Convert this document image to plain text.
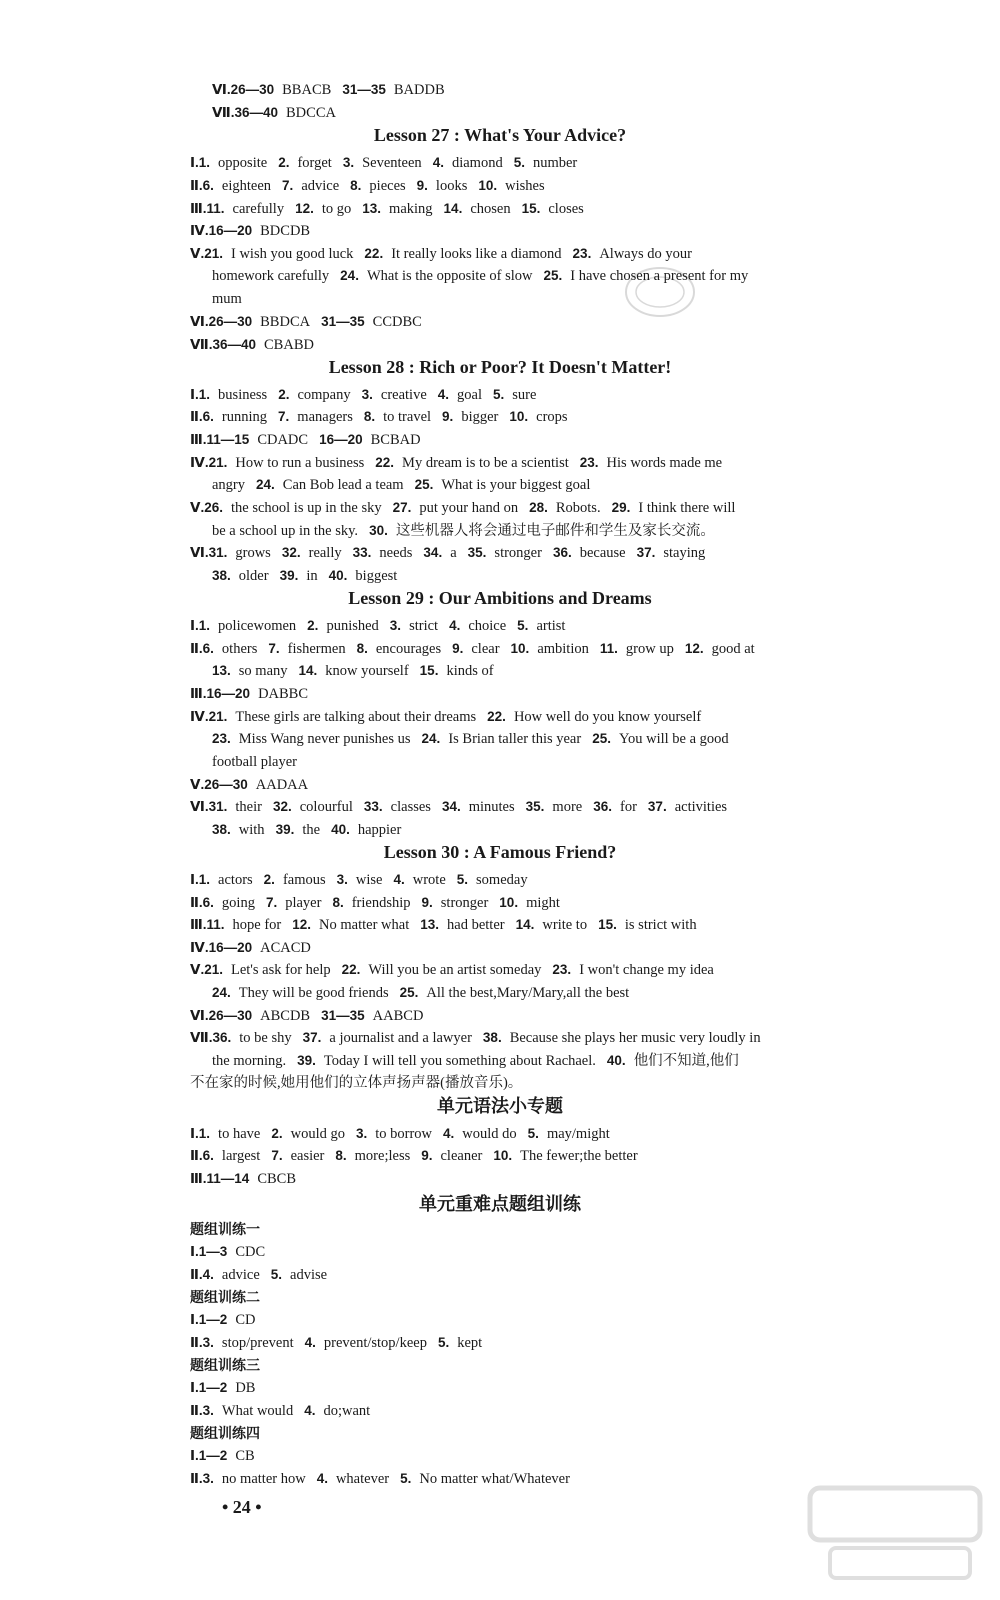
Ⅵ.26—30 BBACB 31—35 BADDB
Ⅶ.36—40 BDCCA
Ⅰ.1. opposite 2. forget 3. Seventeen 4. diamond 5. number
Ⅱ.6. eighteen 7. advice 8. pieces 9. looks 10. wishes
Ⅲ.11. carefully 12. to go 13. making 14. chosen 15. closes
Ⅳ.16—20 BDCDB
Ⅴ.21. I wish you good luck 22. It really looks like a diamond 23. Always do your
homework carefully 24. What is the opposite of slow 25. I have chosen a present for my
mum
Ⅵ.26—30 BBDCA 31—35 CCDBC
Ⅶ.36—40 CBABD
Ⅰ.1. business 2. company 3. creative 4. goal 5. sure
Ⅱ.6. running 7. managers 8. to travel 9. bigger 10. crops
Ⅲ.11—15 CDADC 16—20 BCBAD
Ⅳ.21. How to run a business 22. My dream is to be a scientist 23. His words made me
angry 24. Can Bob lead a team 25. What is your biggest goal
Ⅴ.26. the school is up in the sky 27. put your hand on 28. Robots. 29. I think there will
be a school up in the sky. 30. 这些机器人将会通过电子邮件和学生及家长交流。
Ⅵ.31. grows 32. really 33. needs 34. a 35. stronger 36. because 37. staying
38. older 39. in 40. biggest
Ⅰ.1. policewomen 2. punished 3. strict 4. choice 5. artist
Ⅱ.6. others 7. fishermen 8. encourages 9. clear 10. ambition 11. grow up 12. good at
13. so many 14. know yourself 15. kinds of
Ⅲ.16—20 DABBC
Ⅳ.21. These girls are talking about their dreams 22. How well do you know yourself
23. Miss Wang never punishes us 24. Is Brian taller this year 25. You will be a good
football player
Ⅴ.26—30 AADAA
Ⅵ.31. their 32. colourful 33. classes 34. minutes 35. more 36. for 37. activities
38. with 39. the 40. happier
Ⅰ.1. actors 2. famous 3. wise 4. wrote 5. someday
Ⅱ.6. going 7. player 8. friendship 9. stronger 10. might
Ⅲ.11. hope for 12. No matter what 13. had better 14. write to 15. is strict with
Ⅳ.16—20 ACACD
Ⅴ.21. Let's ask for help 22. Will you be an artist someday 23. I won't change my idea
24. They will be good friends 25. All the best,Mary/Mary,all the best
Ⅵ.26—30 ABCDB 31—35 AABCD
Ⅶ.36. to be shy 37. a journalist and a lawyer 38. Because she plays her music very loudly in
the morning. 39. Today I will tell you something about Rachael. 40. 他们不知道,他们
不在家的时候,她用他们的立体声扬声器(播放音乐)。
Ⅰ.1. to have 2. would go 3. to borrow 4. would do 5. may/might
Ⅱ.6. largest 7. easier 8. more;less 9. cleaner 10. The fewer;the better
Ⅲ.11—14 CBCB
Ⅰ.1—3 CDC
Ⅱ.4. advice 5. advise
Ⅰ.1—2 CD
Ⅱ.3. stop/prevent 4. prevent/stop/keep 5. kept
Ⅰ.1—2 DB
Ⅱ.3. What would 4. do;want
Ⅰ.1—2 CB
Ⅱ.3. no matter how 4. whatever 5. No matter what/Whatever
Lesson 27 : What's Your Advice?
Lesson 28 : Rich or Poor? It Doesn't Matter!
Lesson 29 : Our Ambitions and Dreams
Lesson 30 : A Famous Friend?
单元语法小专题
单元重难点题组训练
题组训练一
题组训练二
题组训练三
题组训练四
• 24 •
